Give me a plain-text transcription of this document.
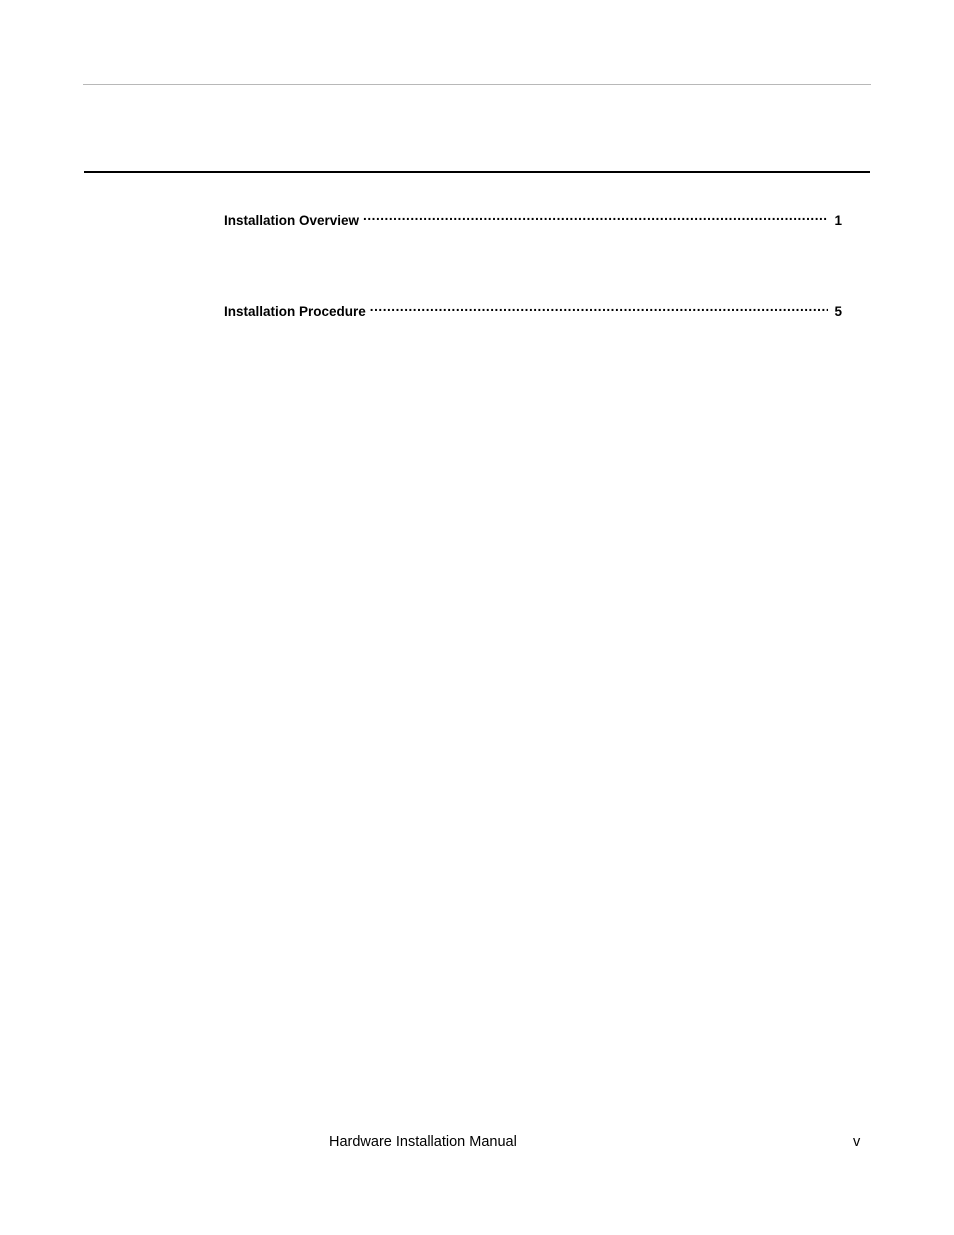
Installation Overview . . .	1
Installation Procedure . . .	5
Hardware Installation Manual	v
